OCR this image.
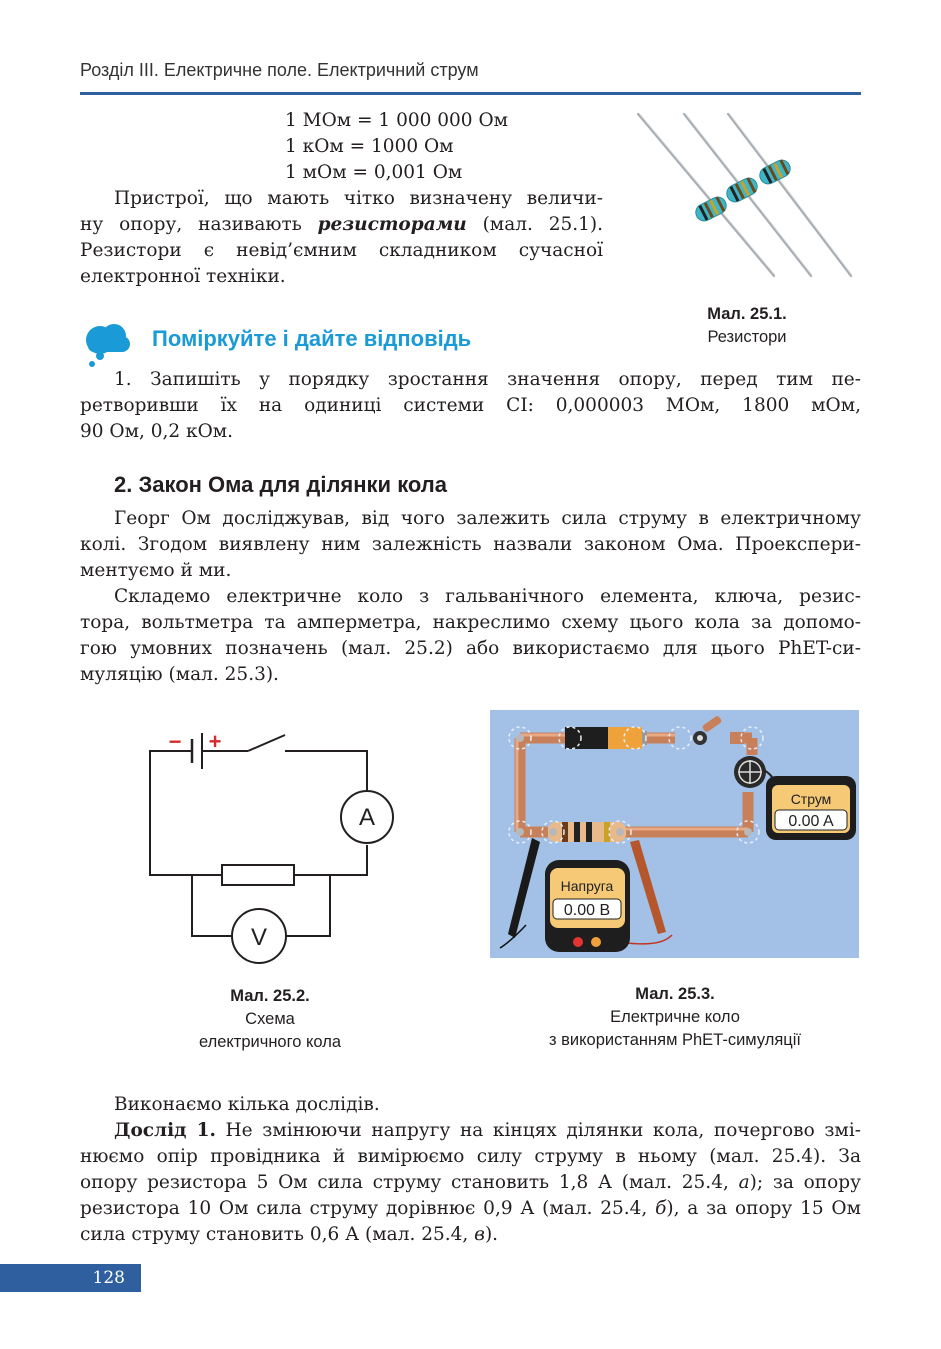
Розділ III. Електричне поле. Електричний струм
1 МОм = 1 000 000 Ом
1 кОм = 1000 Ом
1 мОм = 0,001 Ом
Пристрої, що мають чітко визначену величи-
ну опору, називають резисторами (мал. 25.1).
Резистори є невід’ємним складником сучасної
електронної техніки.
Мал. 25.1.
Резистори
Поміркуйте і дайте відповідь
1. Запишіть у порядку зростання значення опору, перед тим пе-
ретворивши їх на одиниці системи СІ: 0,000003 МОм, 1800 мОм,
90 Ом, 0,2 кОм.
2. Закон Ома для ділянки кола
Георг Ом досліджував, від чого залежить сила струму в електричному
колі. Згодом виявлену ним залежність назвали законом Ома. Проекспери-
ментуємо й ми.
Складемо електричне коло з гальванічного елемента, ключа, резис-
тора, вольтметра та амперметра, накреслимо схему цього кола за допомо-
гою умовних позначень (мал. 25.2) або використаємо для цього PhET-си-
муляцію (мал. 25.3).
A
V
− +
Мал. 25.2.
Схема
електричного кола
Струм
0.00 A
Напруга
0.00 В
Мал. 25.3.
Електричне коло
з використанням PhET-симуляції
Виконаємо кілька дослідів.
Дослід 1. Не змінюючи напругу на кінцях ділянки кола, почергово змі-
нюємо опір провідника й вимірюємо силу струму в ньому (мал. 25.4). За
опору резистора 5 Ом сила струму становить 1,8 А (мал. 25.4, а); за опору
резистора 10 Ом сила струму дорівнює 0,9 А (мал. 25.4, б), а за опору 15 Ом
сила струму становить 0,6 А (мал. 25.4, в).
128
